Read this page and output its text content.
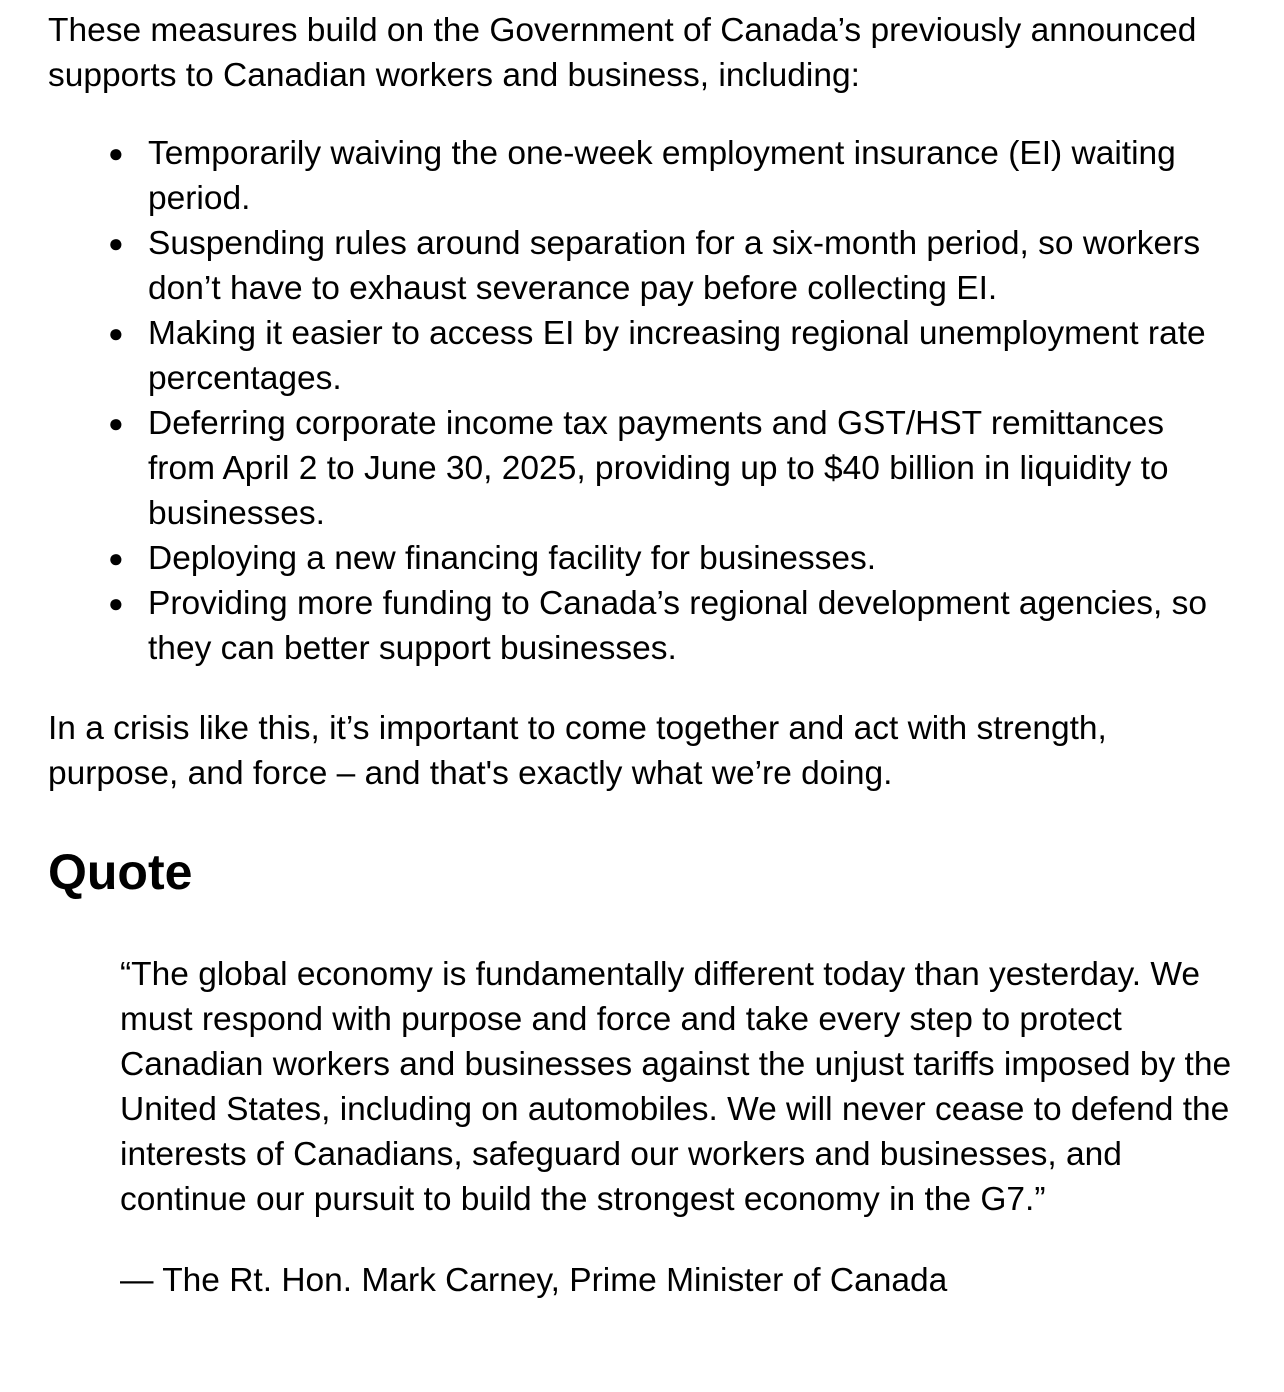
These measures build on the Government of Canada’s previously announced supports to Canadian workers and business, including:

● Temporarily waiving the one-week employment insurance (EI) waiting period.
● Suspending rules around separation for a six-month period, so workers don’t have to exhaust severance pay before collecting EI.
● Making it easier to access EI by increasing regional unemployment rate percentages.
● Deferring corporate income tax payments and GST/HST remittances from April 2 to June 30, 2025, providing up to $40 billion in liquidity to businesses.
● Deploying a new financing facility for businesses.
● Providing more funding to Canada’s regional development agencies, so they can better support businesses.

In a crisis like this, it’s important to come together and act with strength, purpose, and force – and that's exactly what we’re doing.

Quote

“The global economy is fundamentally different today than yesterday. We must respond with purpose and force and take every step to protect Canadian workers and businesses against the unjust tariffs imposed by the United States, including on automobiles. We will never cease to defend the interests of Canadians, safeguard our workers and businesses, and continue our pursuit to build the strongest economy in the G7.”

— The Rt. Hon. Mark Carney, Prime Minister of Canada
